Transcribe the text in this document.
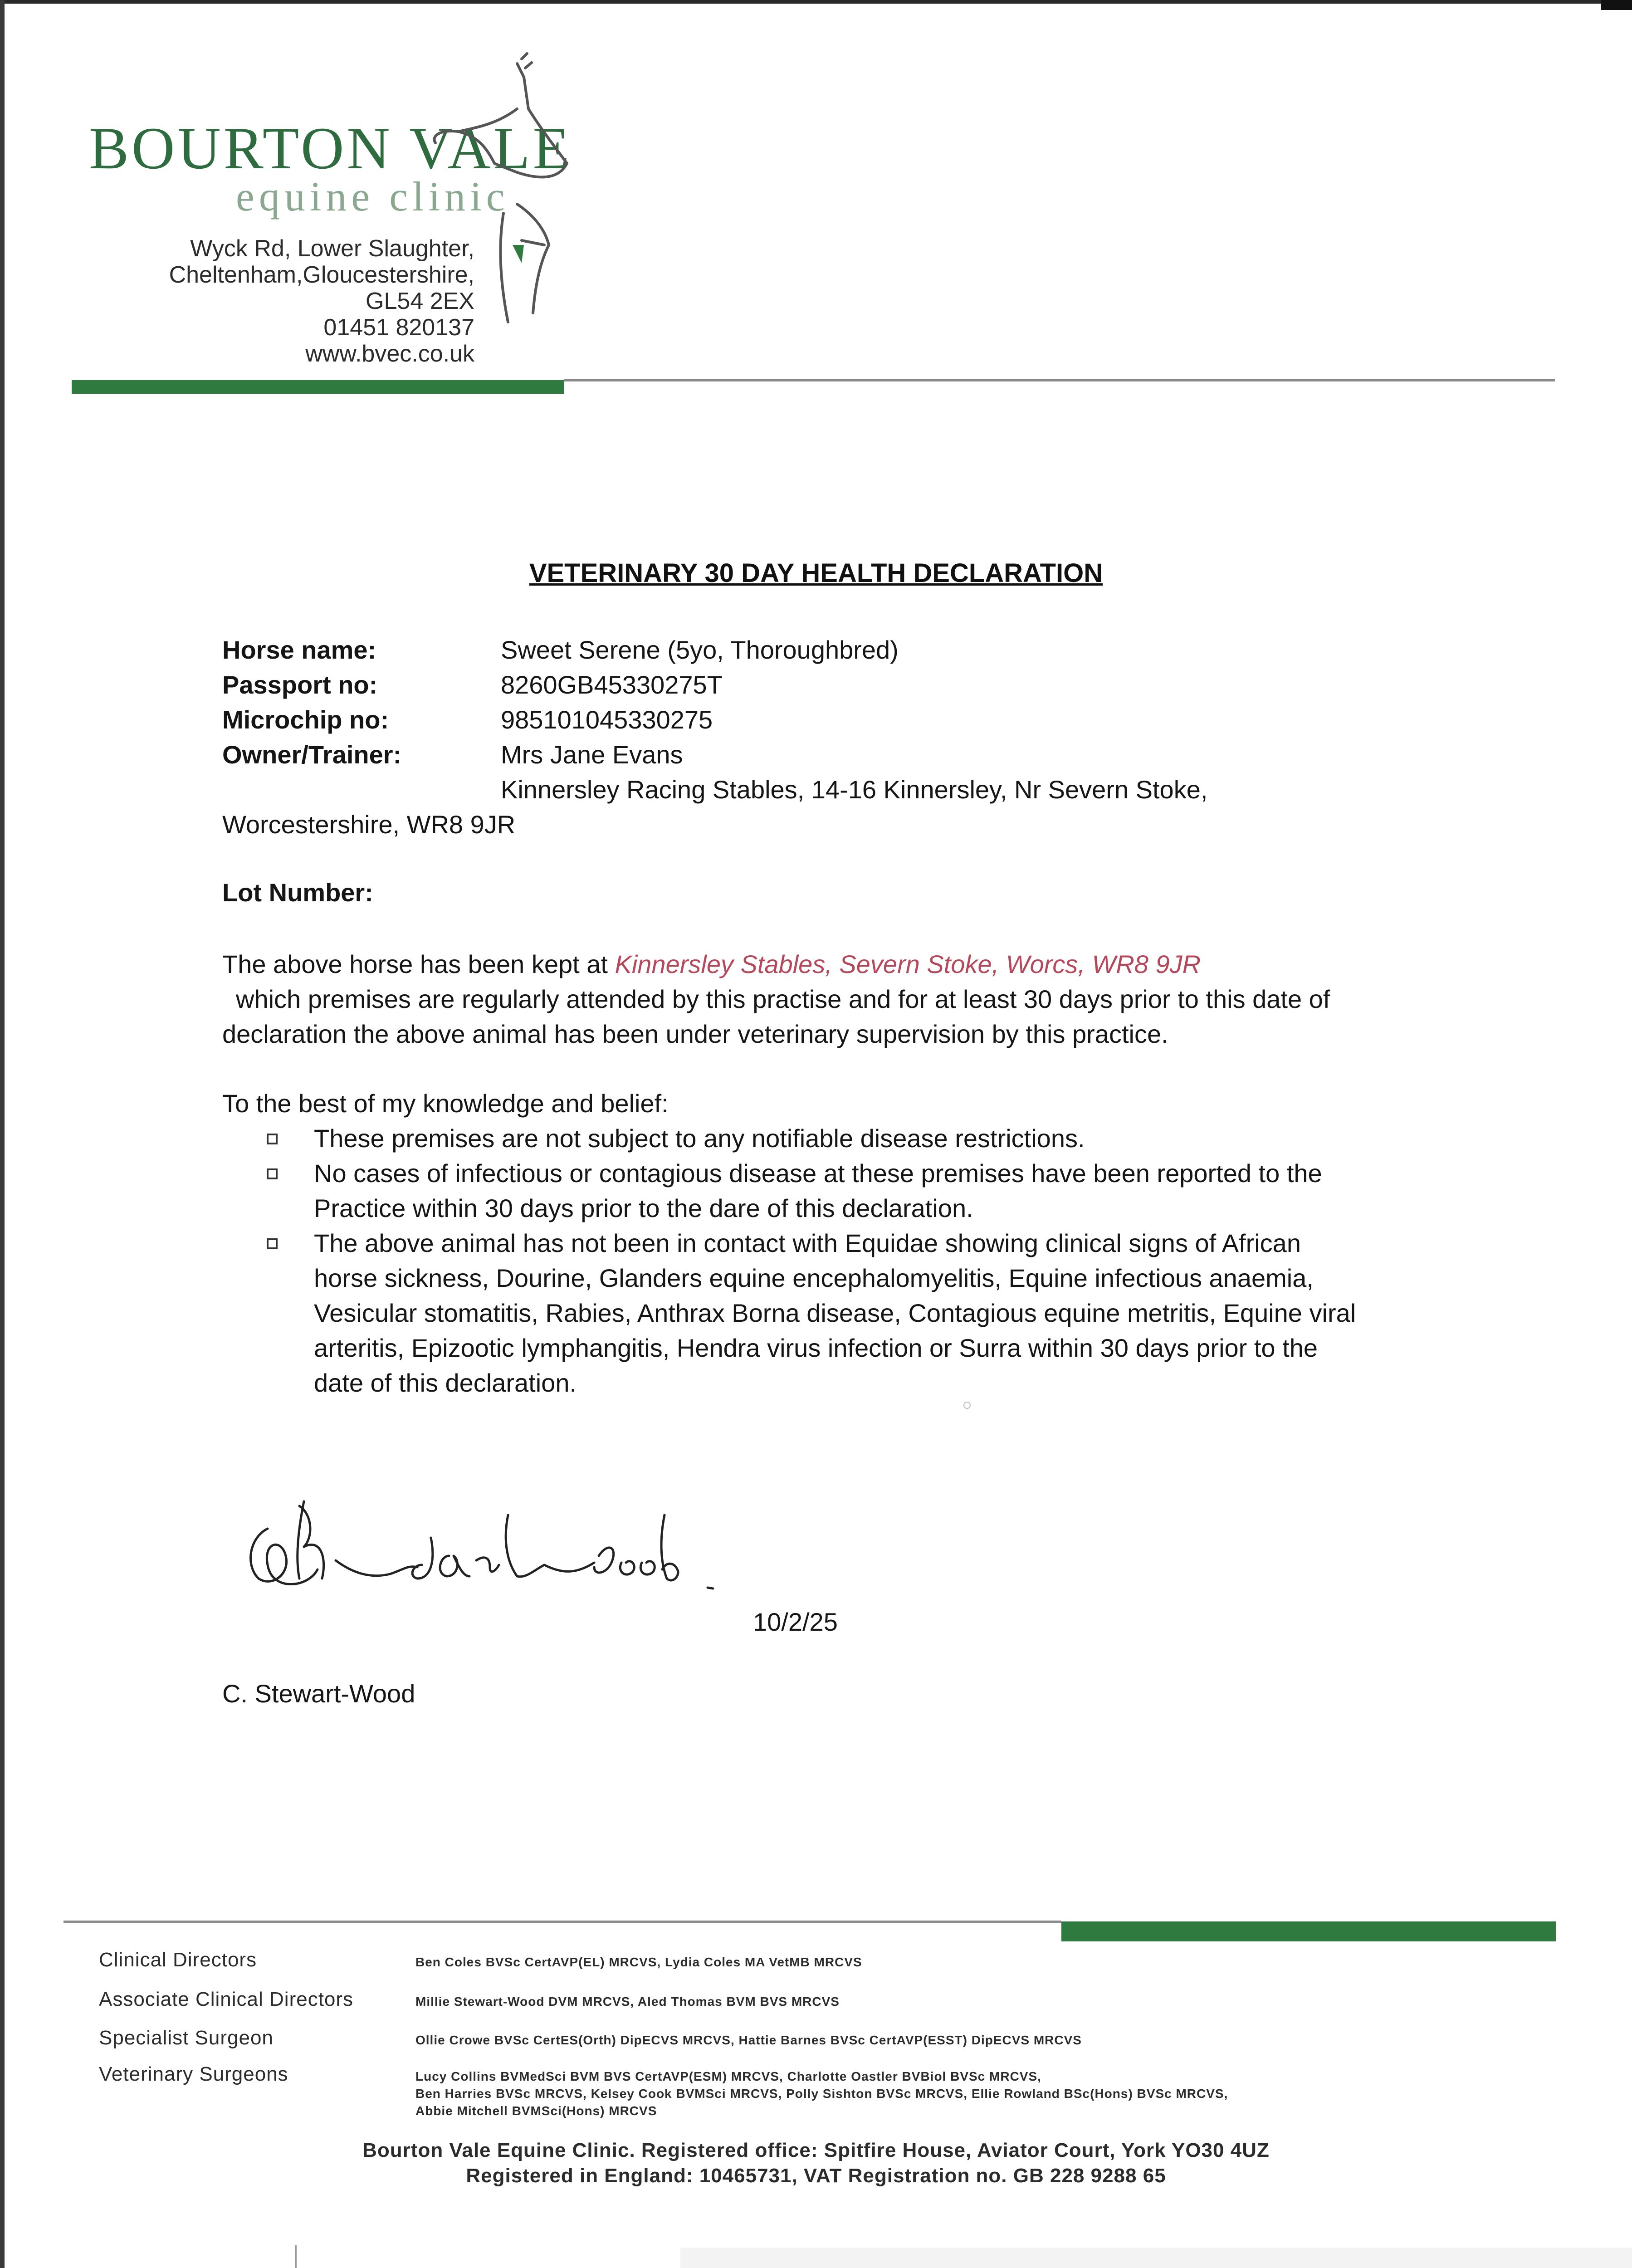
BOURTON VALE
equine clinic
Wyck Rd, Lower Slaughter,
Cheltenham,Gloucestershire,
GL54 2EX
01451 820137
www.bvec.co.uk
VETERINARY 30 DAY HEALTH DECLARATION
Horse name:	Sweet Serene (5yo, Thoroughbred)
Passport no:	8260GB45330275T
Microchip no:	985101045330275
Owner/Trainer:	Mrs Jane Evans
Kinnersley Racing Stables, 14-16 Kinnersley, Nr Severn Stoke,
Worcestershire, WR8 9JR
Lot Number:
The above horse has been kept at Kinnersley Stables, Severn Stoke, Worcs, WR8 9JR
which premises are regularly attended by this practise and for at least 30 days prior to this date of
declaration the above animal has been under veterinary supervision by this practice.
To the best of my knowledge and belief:
These premises are not subject to any notifiable disease restrictions.
No cases of infectious or contagious disease at these premises have been reported to the
Practice within 30 days prior to the dare of this declaration.
The above animal has not been in contact with Equidae showing clinical signs of African
horse sickness, Dourine, Glanders equine encephalomyelitis, Equine infectious anaemia,
Vesicular stomatitis, Rabies, Anthrax Borna disease, Contagious equine metritis, Equine viral
arteritis, Epizootic lymphangitis, Hendra virus infection or Surra within 30 days prior to the
date of this declaration.
10/2/25
C. Stewart-Wood
Clinical Directors	Ben Coles BVSc CertAVP(EL) MRCVS, Lydia Coles MA VetMB MRCVS
Associate Clinical Directors	Millie Stewart-Wood DVM MRCVS, Aled Thomas BVM BVS MRCVS
Specialist Surgeon	Ollie Crowe BVSc CertES(Orth) DipECVS MRCVS, Hattie Barnes BVSc CertAVP(ESST) DipECVS MRCVS
Veterinary Surgeons	Lucy Collins BVMedSci BVM BVS CertAVP(ESM) MRCVS, Charlotte Oastler BVBiol BVSc MRCVS,
Ben Harries BVSc MRCVS, Kelsey Cook BVMSci MRCVS, Polly Sishton BVSc MRCVS, Ellie Rowland BSc(Hons) BVSc MRCVS,
Abbie Mitchell BVMSci(Hons) MRCVS
Bourton Vale Equine Clinic. Registered office: Spitfire House, Aviator Court, York YO30 4UZ
Registered in England: 10465731, VAT Registration no. GB 228 9288 65
